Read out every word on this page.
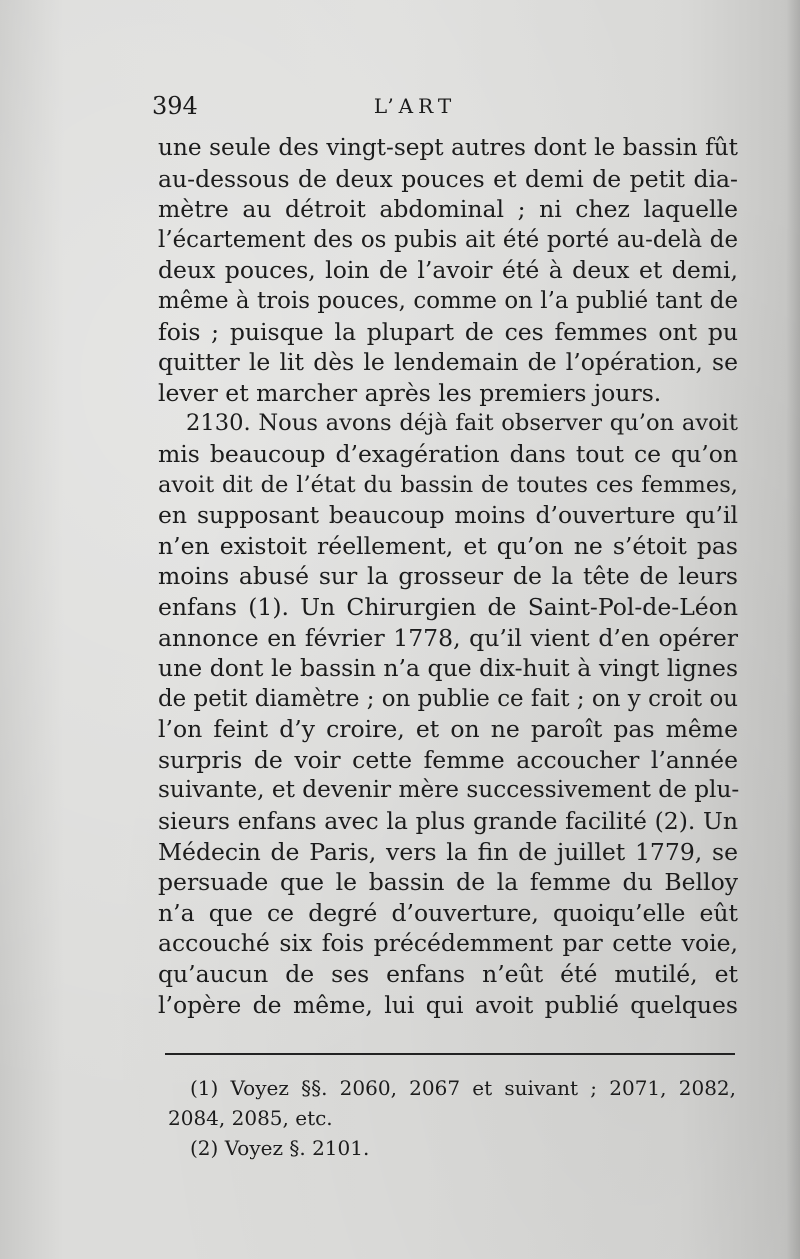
394	L’ART
une seule des vingt-sept autres dont le bassin fût
au-dessous de deux pouces et demi de petit dia-
mètre au détroit abdominal ; ni chez laquelle
l’écartement des os pubis ait été porté au-delà de
deux pouces, loin de l’avoir été à deux et demi,
même à trois pouces, comme on l’a publié tant de
fois ; puisque la plupart de ces femmes ont pu
quitter le lit dès le lendemain de l’opération, se
lever et marcher après les premiers jours.
2130. Nous avons déjà fait observer qu’on avoit
mis beaucoup d’exagération dans tout ce qu’on
avoit dit de l’état du bassin de toutes ces femmes,
en supposant beaucoup moins d’ouverture qu’il
n’en existoit réellement, et qu’on ne s’étoit pas
moins abusé sur la grosseur de la tête de leurs
enfans (1). Un Chirurgien de Saint-Pol-de-Léon
annonce en février 1778, qu’il vient d’en opérer
une dont le bassin n’a que dix-huit à vingt lignes
de petit diamètre ; on publie ce fait ; on y croit ou
l’on feint d’y croire, et on ne paroît pas même
surpris de voir cette femme accoucher l’année
suivante, et devenir mère successivement de plu-
sieurs enfans avec la plus grande facilité (2). Un
Médecin de Paris, vers la fin de juillet 1779, se
persuade que le bassin de la femme du Belloy
n’a que ce degré d’ouverture, quoiqu’elle eût
accouché six fois précédemment par cette voie,
qu’aucun de ses enfans n’eût été mutilé, et
l’opère de même, lui qui avoit publié quelques
(1) Voyez §§. 2060, 2067 et suivant ; 2071, 2082,
2084, 2085, etc.
(2) Voyez §. 2101.
